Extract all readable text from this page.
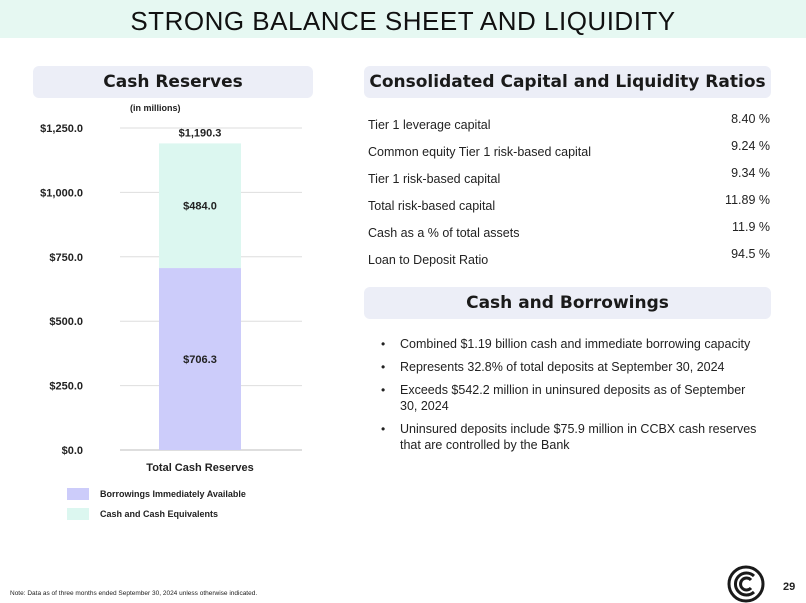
STRONG BALANCE SHEET AND LIQUIDITY
Cash Reserves
(in millions)
$0.0
$250.0
$500.0
$750.0
$1,000.0
$1,250.0
$706.3
$484.0
$1,190.3
Total Cash Reserves
Borrowings Immediately Available
Cash and Cash Equivalents
Consolidated Capital and Liquidity Ratios
Tier 1 leverage capital	8.40 %
Common equity Tier 1 risk-based capital	9.24 %
Tier 1 risk-based capital	9.34 %
Total risk-based capital	11.89 %
Cash as a % of total assets	11.9 %
Loan to Deposit Ratio	94.5 %
Cash and Borrowings
• Combined $1.19 billion cash and immediate borrowing capacity
• Represents 32.8% of total deposits at September 30, 2024
• Exceeds $542.2 million in uninsured deposits as of September 30, 2024
• Uninsured deposits include $75.9 million in CCBX cash reserves that are controlled by the Bank
Note: Data as of three months ended September 30, 2024 unless otherwise indicated.
29
